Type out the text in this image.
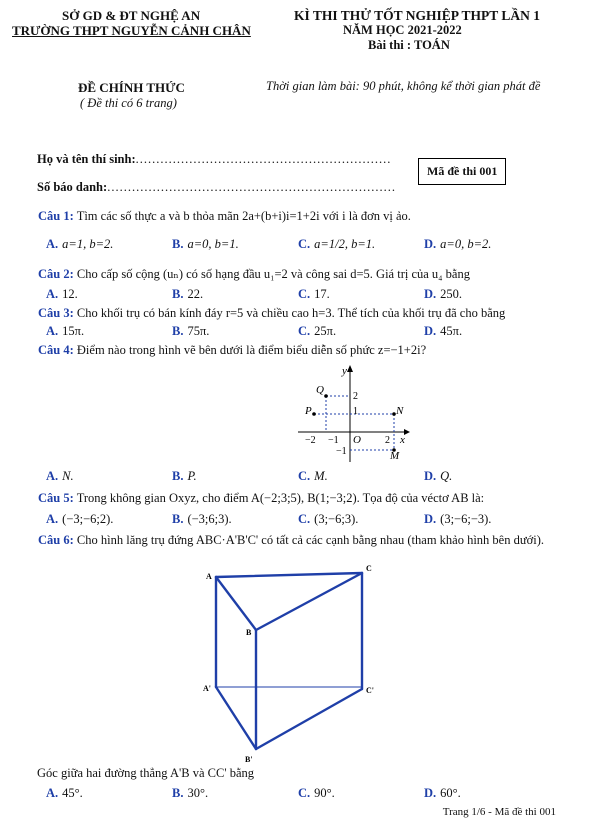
SỞ GD & ĐT NGHỆ AN
TRƯỜNG THPT NGUYỄN CẢNH CHÂN
ĐỀ CHÍNH THỨC
( Đề thi có 6 trang)
KÌ THI THỬ TỐT NGHIỆP THPT LẦN 1
NĂM HỌC 2021-2022
Bài thi : TOÁN
Thời gian làm bài: 90 phút, không kể thời gian phát đề
Họ và tên thí sinh:..............................................................
Số báo danh:......................................................................
Mã đề thi 001
Câu 1: Tìm các số thực a và b thỏa mãn 2a+(b+i)i=1+2i với i là đơn vị ảo.
A. a=1, b=2.	B. a=0, b=1.	C. a=1/2, b=1.	D. a=0, b=2.
Câu 2: Cho cấp số cộng (uₙ) có số hạng đầu u₁=2 và công sai d=5. Giá trị của u₄ bằng
A. 12.	B. 22.	C. 17.	D. 250.
Câu 3: Cho khối trụ có bán kính đáy r=5 và chiều cao h=3. Thể tích của khối trụ đã cho bằng
A. 15π.	B. 75π.	C. 25π.	D. 45π.
Câu 4: Điểm nào trong hình vẽ bên dưới là điểm biểu diễn số phức z=−1+2i?
Q
P	N
M
y
x
O
−2 −1	2
2
1
−1
A. N.	B. P.	C. M.	D. Q.
Câu 5: Trong không gian Oxyz, cho điểm A(−2;3;5), B(1;−3;2). Tọa độ của véctơ AB là:
A. (−3;−6;2).	B. (−3;6;3).	C. (3;−6;3).	D. (3;−6;−3).
Câu 6: Cho hình lăng trụ đứng ABC·A'B'C' có tất cả các cạnh bằng nhau (tham khảo hình bên dưới).
A
B
C
A'
B'
C'
Góc giữa hai đường thẳng A'B và CC' bằng
A. 45°.	B. 30°.	C. 90°.	D. 60°.
Trang 1/6 - Mã đề thi 001
